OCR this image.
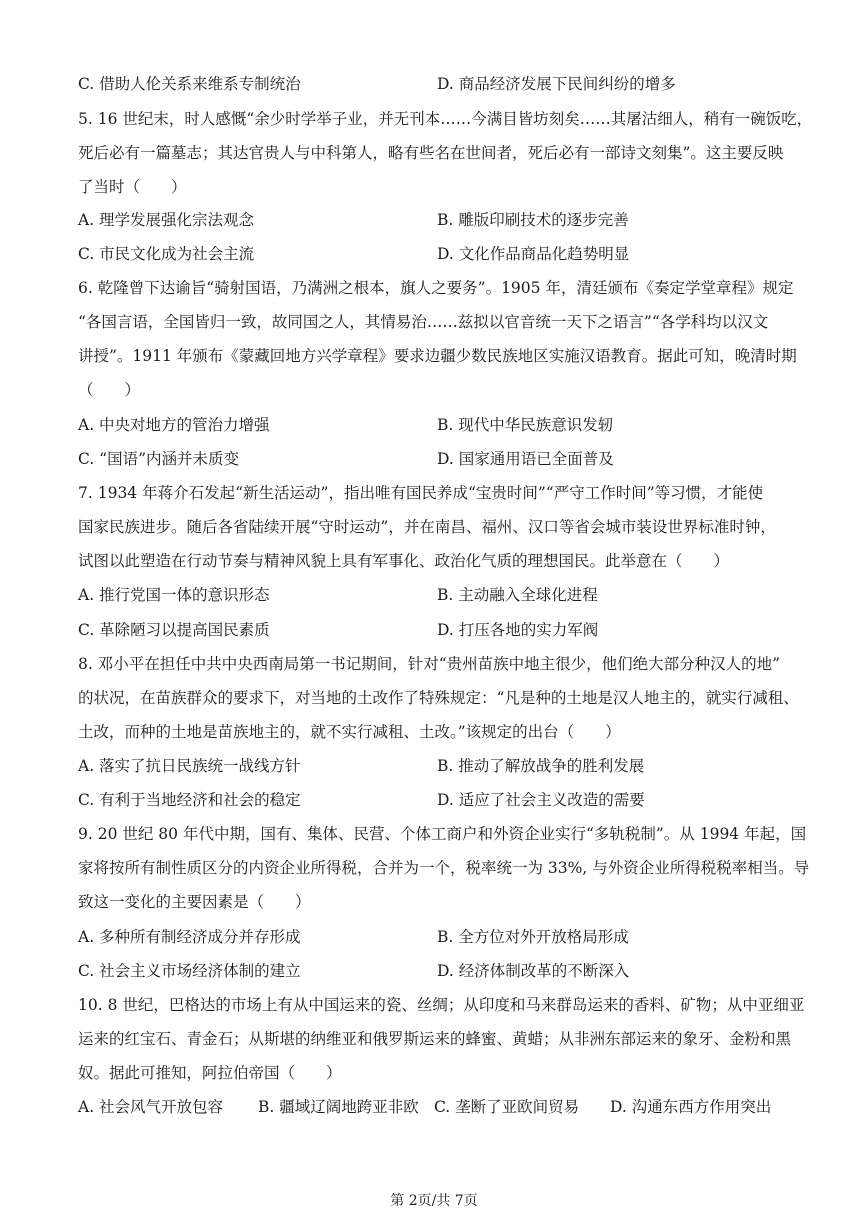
C. 借助人伦关系来维系专制统治	D. 商品经济发展下民间纠纷的增多
5. 16 世纪末，时人感慨“余少时学举子业，并无刊本……今满目皆坊刻矣……其屠沽细人，稍有一碗饭吃，
死后必有一篇墓志；其达官贵人与中科第人，略有些名在世间者，死后必有一部诗文刻集”。这主要反映
了当时（　　）
A. 理学发展强化宗法观念	B. 雕版印刷技术的逐步完善
C. 市民文化成为社会主流	D. 文化作品商品化趋势明显
6. 乾隆曾下达谕旨“骑射国语，乃满洲之根本，旗人之要务”。1905 年，清廷颁布《奏定学堂章程》规定
“各国言语，全国皆归一致，故同国之人，其情易治……兹拟以官音统一天下之语言”“各学科均以汉文
讲授”。1911 年颁布《蒙藏回地方兴学章程》要求边疆少数民族地区实施汉语教育。据此可知，晚清时期
（　　）
A. 中央对地方的管治力增强	B. 现代中华民族意识发轫
C. “国语”内涵并未质变	D. 国家通用语已全面普及
7. 1934 年蒋介石发起“新生活运动”，指出唯有国民养成“宝贵时间”“严守工作时间”等习惯，才能使
国家民族进步。随后各省陆续开展“守时运动”，并在南昌、福州、汉口等省会城市装设世界标准时钟，
试图以此塑造在行动节奏与精神风貌上具有军事化、政治化气质的理想国民。此举意在（　　）
A. 推行党国一体的意识形态	B. 主动融入全球化进程
C. 革除陋习以提高国民素质	D. 打压各地的实力军阀
8. 邓小平在担任中共中央西南局第一书记期间，针对“贵州苗族中地主很少，他们绝大部分种汉人的地”
的状况，在苗族群众的要求下，对当地的土改作了特殊规定：“凡是种的土地是汉人地主的，就实行减租、
土改，而种的土地是苗族地主的，就不实行减租、土改。”该规定的出台（　　）
A. 落实了抗日民族统一战线方针	B. 推动了解放战争的胜利发展
C. 有利于当地经济和社会的稳定	D. 适应了社会主义改造的需要
9. 20 世纪 80 年代中期，国有、集体、民营、个体工商户和外资企业实行“多轨税制”。从 1994 年起，国
家将按所有制性质区分的内资企业所得税，合并为一个，税率统一为 33%, 与外资企业所得税税率相当。导
致这一变化的主要因素是（　　）
A. 多种所有制经济成分并存形成	B. 全方位对外开放格局形成
C. 社会主义市场经济体制的建立	D. 经济体制改革的不断深入
10. 8 世纪，巴格达的市场上有从中国运来的瓷、丝绸；从印度和马来群岛运来的香料、矿物；从中亚细亚
运来的红宝石、青金石；从斯堪的纳维亚和俄罗斯运来的蜂蜜、黄蜡；从非洲东部运来的象牙、金粉和黑
奴。据此可推知，阿拉伯帝国（　　）
A. 社会风气开放包容 B. 疆域辽阔地跨亚非欧 C. 垄断了亚欧间贸易 D. 沟通东西方作用突出
第 2页/共 7页
